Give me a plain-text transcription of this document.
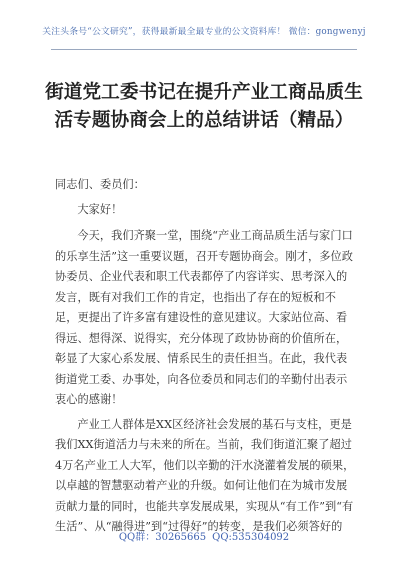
关注头条号“公文研究”，获得最新最全最专业的公文资料库！ 微信：gongwenyj
街道党工委书记在提升产业工商品质生活专题协商会上的总结讲话（精品）

同志们、委员们：

大家好！

今天，我们齐聚一堂，围绕“产业工商品质生活与家门口的乐享生活”这一重要议题，召开专题协商会。刚才，多位政协委员、企业代表和职工代表都停了内容详实、思考深入的发言，既有对我们工作的肯定，也指出了存在的短板和不足，更提出了许多富有建设性的意见建议。大家站位高、看得远、想得深、说得实，充分体现了政协协商的价值所在，彰显了大家心系发展、情系民生的责任担当。在此，我代表街道党工委、办事处，向各位委员和同志们的辛勤付出表示衷心的感谢！

产业工人群体是XX区经济社会发展的基石与支柱，更是我们XX街道活力与未来的所在。当前，我们街道汇聚了超过4万名产业工人大军，他们以辛勤的汗水浇灌着发展的硕果，以卓越的智慧驱动着产业的升级。如何让他们在为城市发展贡献力量的同时，也能共享发展成果，实现从“有工作”到“有生活”、从“融得进”到“过得好”的转变，是我们必须答好的

QQ群：30265665 QQ:535304092
